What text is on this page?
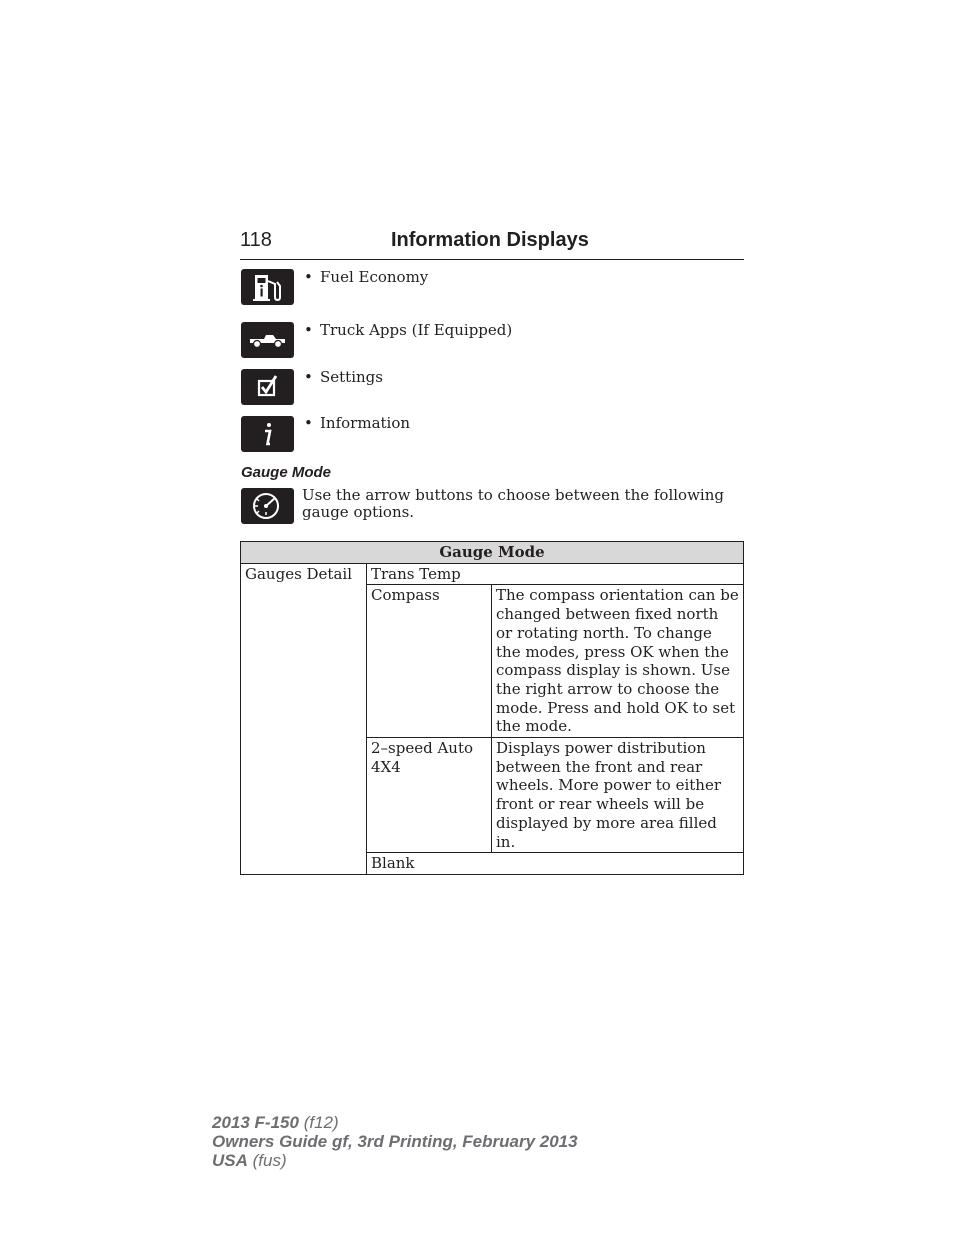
118	Information Displays
• Fuel Economy
• Truck Apps (If Equipped)
• Settings
• Information
Gauge Mode
Use the arrow buttons to choose between the following gauge options.
Gauge Mode		
Gauges Detail	Trans Temp	
	Compass	The compass orientation can be changed between fixed north or rotating north. To change the modes, press OK when the compass display is shown. Use the right arrow to choose the mode. Press and hold OK to set the mode.
	2–speed Auto 4X4	Displays power distribution between the front and rear wheels. More power to either front or rear wheels will be displayed by more area filled in.
	Blank	
2013 F-150 (f12)
Owners Guide gf, 3rd Printing, February 2013
USA (fus)
